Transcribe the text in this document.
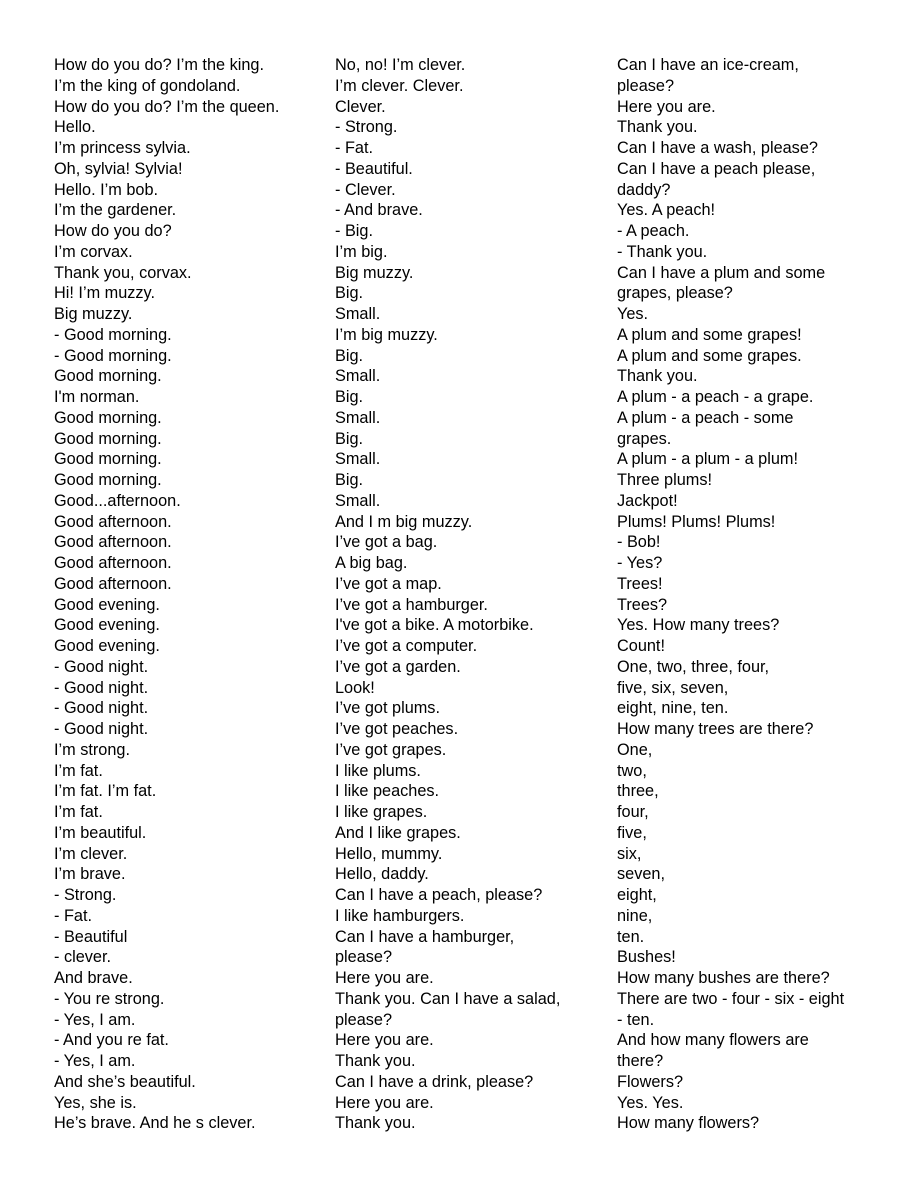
How do you do? I’m the king.
I’m the king of gondoland.
How do you do? I’m the queen.
Hello.
I’m princess sylvia.
Oh, sylvia! Sylvia!
Hello. I’m bob.
I’m the gardener.
How do you do?
I’m corvax.
Thank you, corvax.
Hi! I’m muzzy.
Big muzzy.
- Good morning.
- Good morning.
Good morning.
I'm norman.
Good morning.
Good morning.
Good morning.
Good morning.
Good...afternoon.
Good afternoon.
Good afternoon.
Good afternoon.
Good afternoon.
Good evening.
Good evening.
Good evening.
- Good night.
- Good night.
- Good night.
- Good night.
I’m strong.
I’m fat.
I’m fat. I’m fat.
I’m fat.
I’m beautiful.
I’m clever.
I’m brave.
- Strong.
- Fat.
- Beautiful
- clever.
And brave.
- You re strong.
- Yes, I am.
- And you re fat.
- Yes, I am.
And she’s beautiful.
Yes, she is.
He’s brave. And he s clever.
No, no! I’m clever.
I’m clever. Clever.
Clever.
- Strong.
- Fat.
- Beautiful.
- Clever.
- And brave.
- Big.
I’m big.
Big muzzy.
Big.
Small.
I’m big muzzy.
Big.
Small.
Big.
Small.
Big.
Small.
Big.
Small.
And I m big muzzy.
I’ve got a bag.
A big bag.
I’ve got a map.
I’ve got a hamburger.
I've got a bike. A motorbike.
I’ve got a computer.
I’ve got a garden.
Look!
I’ve got plums.
I’ve got peaches.
I’ve got grapes.
I like plums.
I like peaches.
I like grapes.
And I like grapes.
Hello, mummy.
Hello, daddy.
Can I have a peach, please?
I like hamburgers.
Can I have a hamburger,
please?
Here you are.
Thank you. Can I have a salad,
please?
Here you are.
Thank you.
Can I have a drink, please?
Here you are.
Thank you.
Can I have an ice-cream,
please?
Here you are.
Thank you.
Can I have a wash, please?
Can I have a peach please,
daddy?
Yes. A peach!
- A peach.
- Thank you.
Can I have a plum and some
grapes, please?
Yes.
A plum and some grapes!
A plum and some grapes.
Thank you.
A plum - a peach - a grape.
A plum - a peach - some
grapes.
A plum - a plum - a plum!
Three plums!
Jackpot!
Plums! Plums! Plums!
- Bob!
- Yes?
Trees!
Trees?
Yes. How many trees?
Count!
One, two, three, four,
five, six, seven,
eight, nine, ten.
How many trees are there?
One,
two,
three,
four,
five,
six,
seven,
eight,
nine,
ten.
Bushes!
How many bushes are there?
There are two - four - six - eight
- ten.
And how many flowers are
there?
Flowers?
Yes. Yes.
How many flowers?
